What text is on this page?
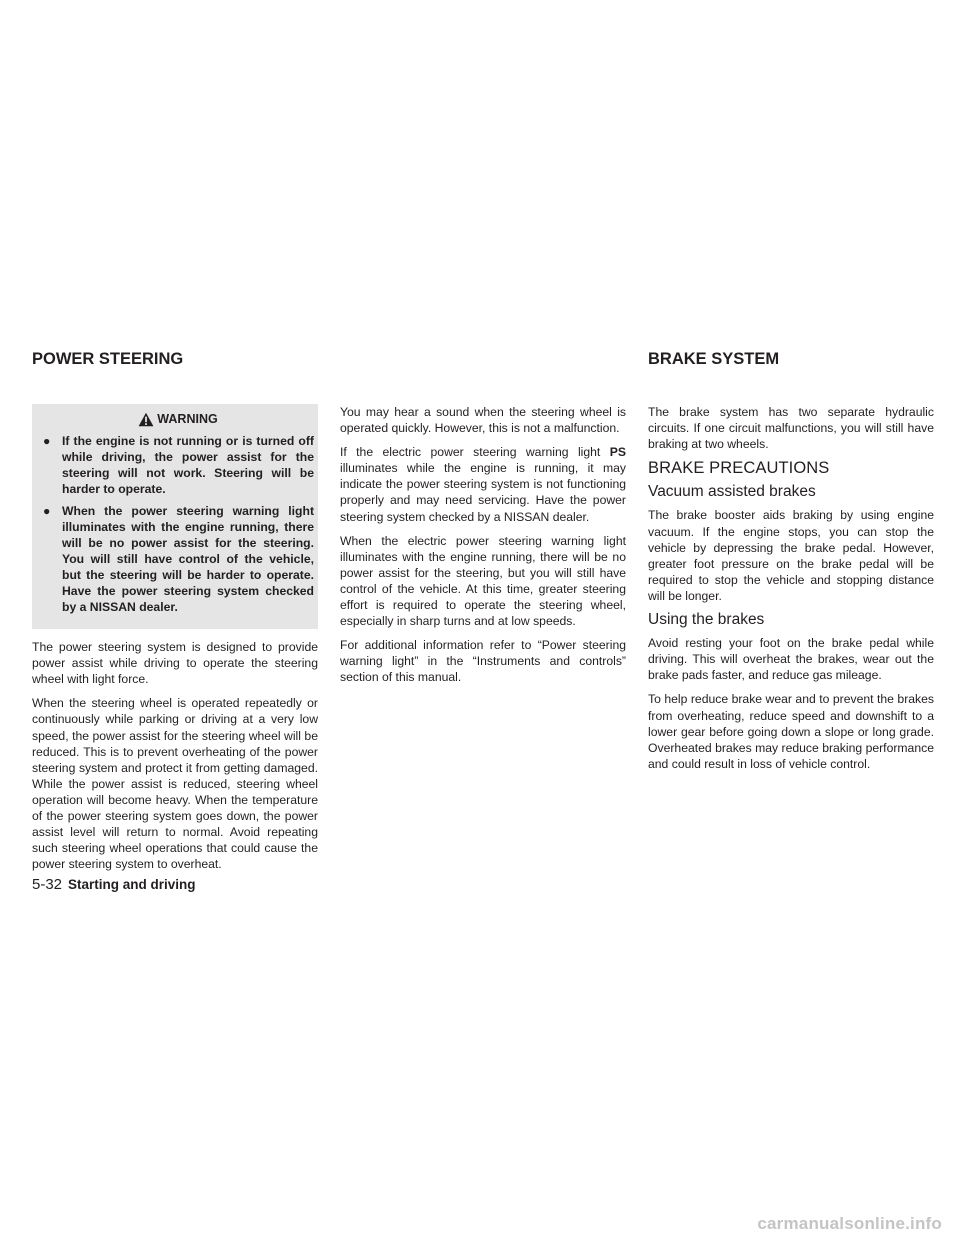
POWER STEERING	BRAKE SYSTEM
WARNING
● If the engine is not running or is turned off while driving, the power assist for the steering will not work. Steering will be harder to operate.
● When the power steering warning light illuminates with the engine running, there will be no power assist for the steering. You will still have control of the vehicle, but the steering will be harder to operate. Have the power steering system checked by a NISSAN dealer.

The power steering system is designed to provide power assist while driving to operate the steering wheel with light force.

When the steering wheel is operated repeatedly or continuously while parking or driving at a very low speed, the power assist for the steering wheel will be reduced. This is to prevent overheating of the power steering system and protect it from getting damaged. While the power assist is reduced, steering wheel operation will become heavy. When the temperature of the power steering system goes down, the power assist level will return to normal. Avoid repeating such steering wheel operations that could cause the power steering system to overheat.

You may hear a sound when the steering wheel is operated quickly. However, this is not a malfunction.

If the electric power steering warning light PS illuminates while the engine is running, it may indicate the power steering system is not functioning properly and may need servicing. Have the power steering system checked by a NISSAN dealer.

When the electric power steering warning light illuminates with the engine running, there will be no power assist for the steering, but you will still have control of the vehicle. At this time, greater steering effort is required to operate the steering wheel, especially in sharp turns and at low speeds.

For additional information refer to “Power steering warning light” in the “Instruments and controls” section of this manual.

The brake system has two separate hydraulic circuits. If one circuit malfunctions, you will still have braking at two wheels.

BRAKE PRECAUTIONS
Vacuum assisted brakes

The brake booster aids braking by using engine vacuum. If the engine stops, you can stop the vehicle by depressing the brake pedal. However, greater foot pressure on the brake pedal will be required to stop the vehicle and stopping distance will be longer.

Using the brakes

Avoid resting your foot on the brake pedal while driving. This will overheat the brakes, wear out the brake pads faster, and reduce gas mileage.

To help reduce brake wear and to prevent the brakes from overheating, reduce speed and downshift to a lower gear before going down a slope or long grade. Overheated brakes may reduce braking performance and could result in loss of vehicle control.

5-32 Starting and driving
carmanualsonline.info
